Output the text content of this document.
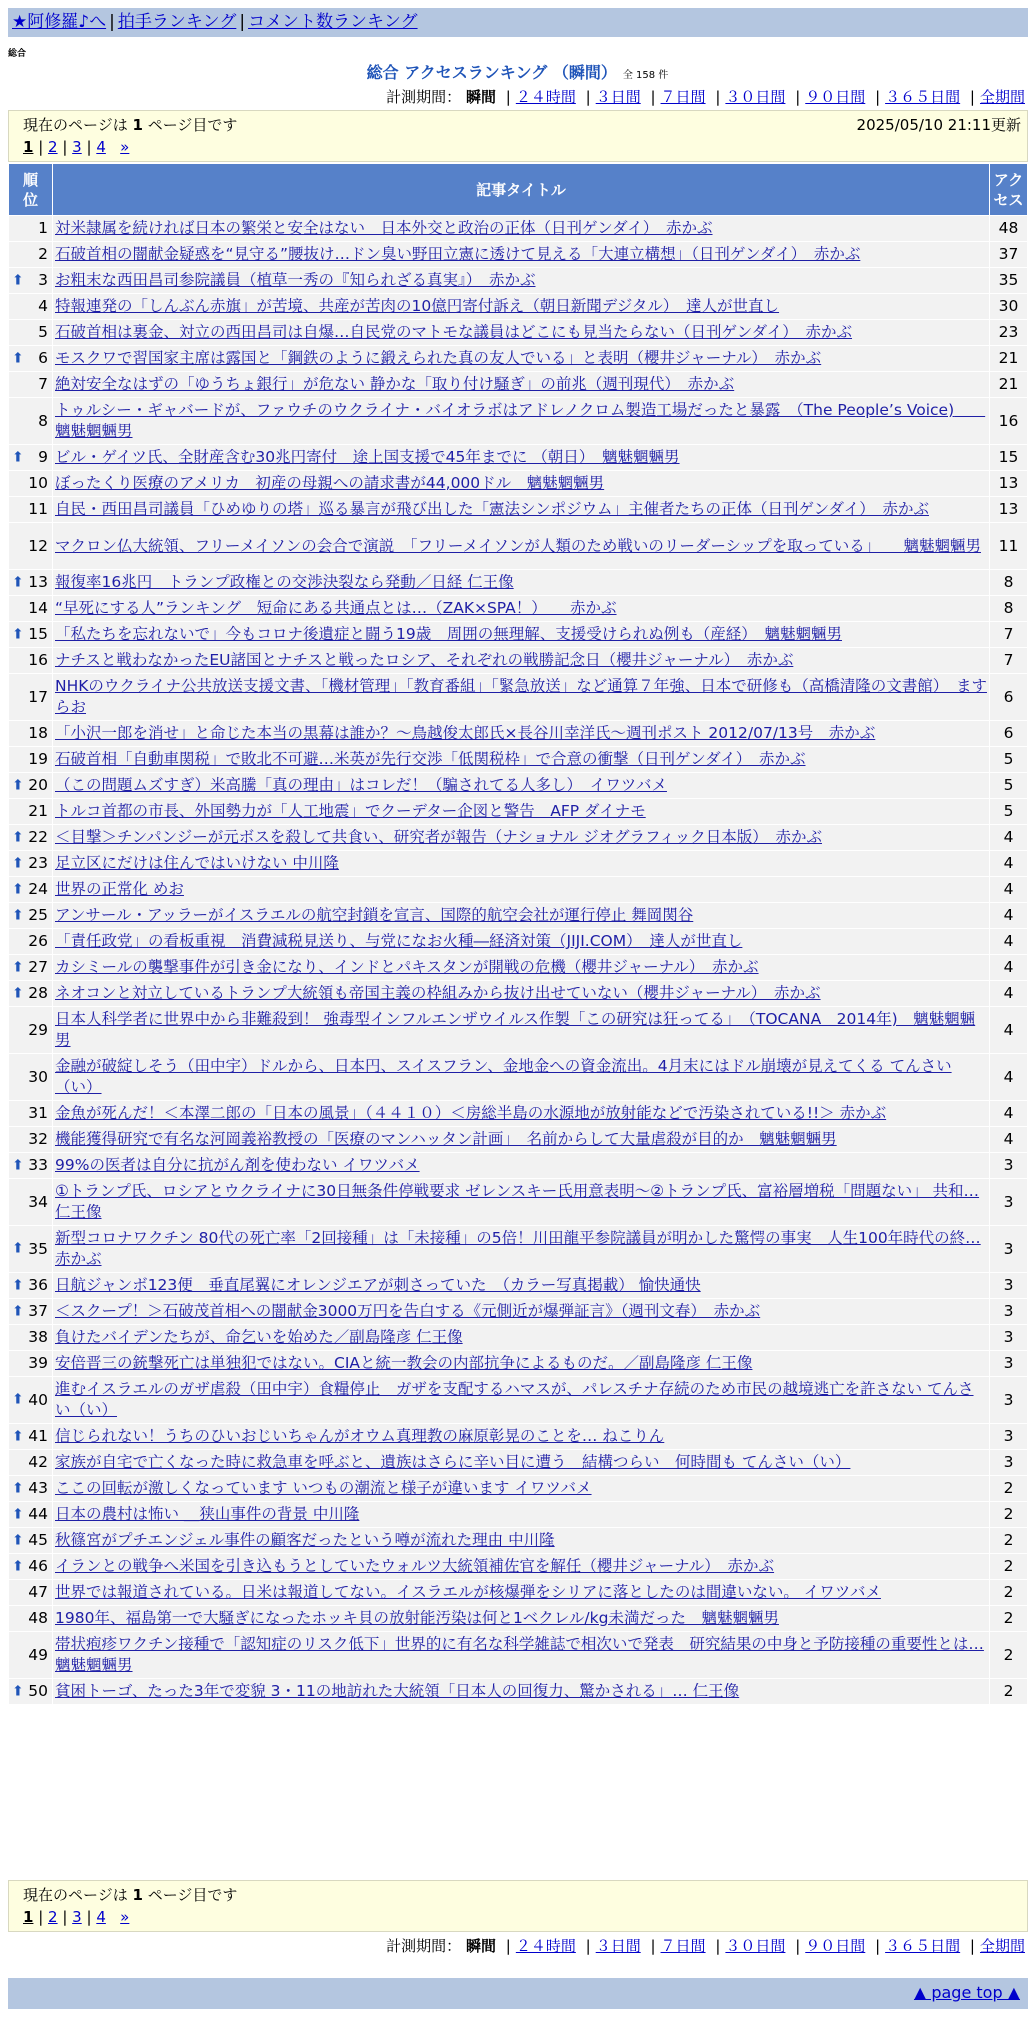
★阿修羅♪へ | 拍手ランキング | コメント数ランキング
総合
総合 アクセスランキング （瞬間） 全 158 件
計測期間： 瞬間 | ２４時間 | ３日間 | ７日間 | ３０日間 | ９０日間 | ３６５日間 | 全期間
現在のページは 1 ページ目です	2025/05/10 21:11更新
1 | 2 | 3 | 4 »
順位	記事タイトル	アクセス
1	対米隷属を続ければ日本の繁栄と安全はない　日本外交と政治の正体（日刊ゲンダイ）　赤かぶ	48
2	石破首相の闇献金疑惑を“見守る”腰抜け…ドン臭い野田立憲に透けて見える「大連立構想」（日刊ゲンダイ）　赤かぶ	37

⬆ 3	お粗末な西田昌司参院議員（植草一秀の『知られざる真実』）　赤かぶ	35
4	特報連発の「しんぶん赤旗」が苦境、共産が苦肉の10億円寄付訴え（朝日新聞デジタル）　達人が世直し	30
5	石破首相は裏金、対立の西田昌司は自爆…自民党のマトモな議員はどこにも見当たらない（日刊ゲンダイ）　赤かぶ	23

⬆ 6	モスクワで習国家主席は露国と「鋼鉄のように鍛えられた真の友人でいる」と表明（櫻井ジャーナル）　赤かぶ	21
7	絶対安全なはずの「ゆうちょ銀行」が危ない 静かな「取り付け騒ぎ」の前兆（週刊現代）　赤かぶ	21
8	トゥルシー・ギャバードが、ファウチのウクライナ・バイオラボはアドレノクロム製造工場だったと暴露　（The People’s Voice)　　魑魅魍魎男	16

⬆ 9	ビル・ゲイツ氏、全財産含む30兆円寄付　途上国支援で45年までに （朝日）　魑魅魍魎男	15
10	ぼったくり医療のアメリカ　初産の母親への請求書が44,000ドル　魑魅魍魎男	13
11	自民・西田昌司議員「ひめゆりの塔」巡る暴言が飛び出した「憲法シンポジウム」主催者たちの正体（日刊ゲンダイ）　赤かぶ	13
12	マクロン仏大統領、フリーメイソンの会合で演説　「フリーメイソンが人類のため戦いのリーダーシップを取っている」　　魑魅魍魎男	11

⬆ 13	報復率16兆円　トランプ政権との交渉決裂なら発動／日経 仁王像	8
14	“早死にする人”ランキング　短命にある共通点とは…（ZAK×SPA！）　　赤かぶ	8

⬆ 15	「私たちを忘れないで」今もコロナ後遺症と闘う19歳　周囲の無理解、支援受けられぬ例も（産経）　魑魅魍魎男	7
16	ナチスと戦わなかったEU諸国とナチスと戦ったロシア、それぞれの戦勝記念日（櫻井ジャーナル）　赤かぶ	7
17	NHKのウクライナ公共放送支援文書、「機材管理」「教育番組」「緊急放送」など通算７年強、日本で研修も（高橋清隆の文書館）　ますらお	6
18	「小沢一郎を消せ」と命じた本当の黒幕は誰か？〜鳥越俊太郎氏×長谷川幸洋氏〜週刊ポスト 2012/07/13号　赤かぶ	6
19	石破首相「自動車関税」で敗北不可避…米英が先行交渉「低関税枠」で合意の衝撃（日刊ゲンダイ）　赤かぶ	5

⬆ 20	（この問題ムズすぎ）米高騰「真の理由」はコレだ！（騙されてる人多し）　イワツバメ	5
21	トルコ首都の市長、外国勢力が「人工地震」でクーデター企図と警告　AFP ダイナモ	5

⬆ 22	＜目撃＞チンパンジーが元ボスを殺して共食い、研究者が報告（ナショナル ジオグラフィック日本版）　赤かぶ	4

⬆ 23	足立区にだけは住んではいけない 中川隆	4

⬆ 24	世界の正常化 めお	4

⬆ 25	アンサール・アッラーがイスラエルの航空封鎖を宣言、国際的航空会社が運行停止 舞岡関谷	4
26	「責任政党」の看板重視　消費減税見送り、与党になお火種―経済対策（JIJI.COM）　達人が世直し	4

⬆ 27	カシミールの襲撃事件が引き金になり、インドとパキスタンが開戦の危機（櫻井ジャーナル）　赤かぶ	4

⬆ 28	ネオコンと対立しているトランプ大統領も帝国主義の枠組みから抜け出せていない（櫻井ジャーナル）　赤かぶ	4
29	日本人科学者に世界中から非難殺到！ 強毒型インフルエンザウイルス作製「この研究は狂ってる」　（TOCANA　2014年)　魑魅魍魎男	4
30	金融が破綻しそう（田中宇）ドルから、日本円、スイスフラン、金地金への資金流出。4月末にはドル崩壊が見えてくる てんさい（い）	4
31	金魚が死んだ！＜本澤二郎の「日本の風景」（４４１０）＜房総半島の水源地が放射能などで汚染されている!!＞ 赤かぶ	4
32	機能獲得研究で有名な河岡義裕教授の「医療のマンハッタン計画」　名前からして大量虐殺が目的か　魑魅魍魎男	4

⬆ 33	99%の医者は自分に抗がん剤を使わない イワツバメ	3
34	①トランプ氏、ロシアとウクライナに30日無条件停戦要求 ゼレンスキー氏用意表明〜②トランプ氏、富裕層増税「問題ない」 共和… 仁王像	3

⬆ 35	新型コロナワクチン 80代の死亡率「2回接種」は「未接種」の5倍！川田龍平参院議員が明かした驚愕の事実　人生100年時代の終… 赤かぶ	3

⬆ 36	日航ジャンボ123便　垂直尾翼にオレンジエアが刺さっていた　（カラー写真掲載） 愉快通快	3

⬆ 37	＜スクープ！＞石破茂首相への闇献金3000万円を告白する《元側近が爆弾証言》（週刊文春）　赤かぶ	3
38	負けたバイデンたちが、命乞いを始めた／副島隆彦 仁王像	3
39	安倍晋三の銃撃死亡は単独犯ではない。CIAと統一教会の内部抗争によるものだ。／副島隆彦 仁王像	3

⬆ 40	進むイスラエルのガザ虐殺（田中宇）食糧停止　ガザを支配するハマスが、パレスチナ存続のため市民の越境逃亡を許さない てんさい（い）	3

⬆ 41	信じられない！うちのひいおじいちゃんがオウム真理教の麻原彰晃のことを… ねこりん	3
42	家族が自宅で亡くなった時に救急車を呼ぶと、遺族はさらに辛い目に遭う　結構つらい　何時間も てんさい（い）	3

⬆ 43	ここの回転が激しくなっています いつもの潮流と様子が違います イワツバメ	2

⬆ 44	日本の農村は怖い ＿狭山事件の背景 中川隆	2

⬆ 45	秋篠宮がプチエンジェル事件の顧客だったという噂が流れた理由 中川隆	2

⬆ 46	イランとの戦争へ米国を引き込もうとしていたウォルツ大統領補佐官を解任（櫻井ジャーナル）　赤かぶ	2
47	世界では報道されている。日米は報道してない。イスラエルが核爆弾をシリアに落としたのは間違いない。 イワツバメ	2
48	1980年、福島第一で大騒ぎになったホッキ貝の放射能汚染は何と1ベクレル/kg未満だった　魑魅魍魎男	2
49	帯状疱疹ワクチン接種で「認知症のリスク低下」世界的に有名な科学雑誌で相次いで発表　研究結果の中身と予防接種の重要性とは… 魑魅魍魎男	2

⬆ 50	貧困トーゴ、たった3年で変貌 3・11の地訪れた大統領「日本人の回復力、驚かされる」… 仁王像	2
現在のページは 1 ページ目です
1 | 2 | 3 | 4 »
計測期間： 瞬間 | ２４時間 | ３日間 | ７日間 | ３０日間 | ９０日間 | ３６５日間 | 全期間
▲ page top ▲
